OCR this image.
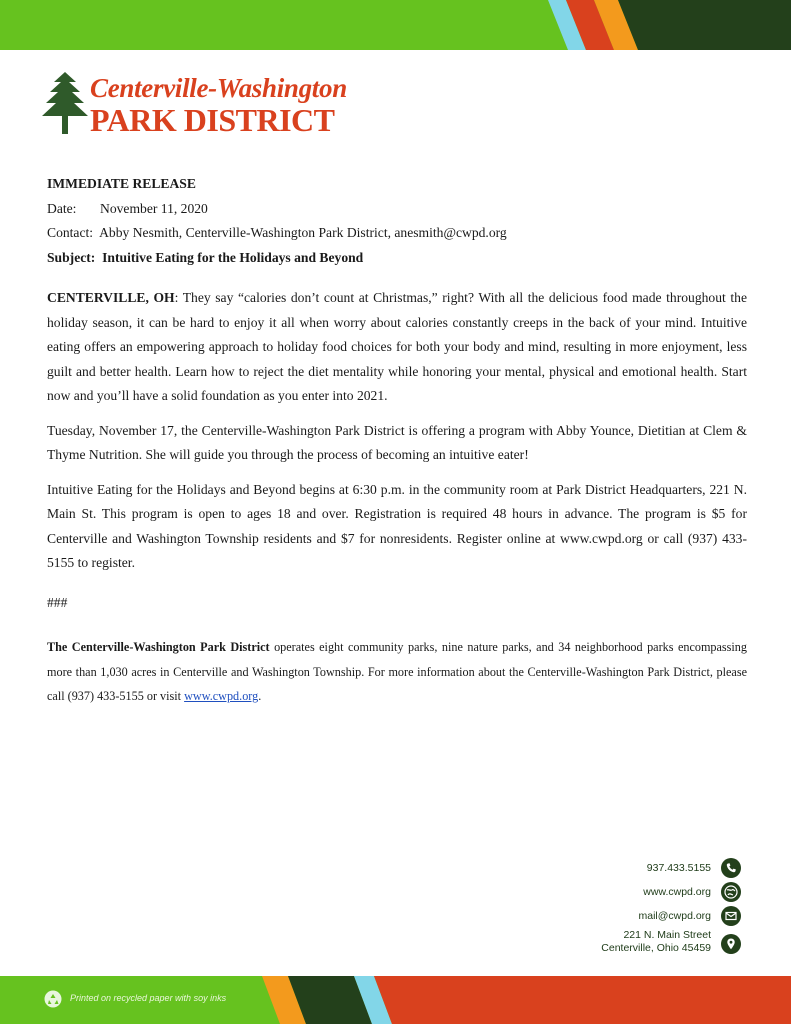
Centerville-Washington

PARK DISTRICT

IMMEDIATE RELEASE

Date: November 11, 2020

Contact: Abby Nesmith, Centerville-Washington Park District, anesmith@cwpd.org

Subject: Intuitive Eating for the Holidays and Beyond

CENTERVILLE, OH: They say “calories don’t count at Christmas,” right? With all the delicious food made throughout the holiday season, it can be hard to enjoy it all when worry about calories constantly creeps in the back of your mind. Intuitive eating offers an empowering approach to holiday food choices for both your body and mind, resulting in more enjoyment, less guilt and better health. Learn how to reject the diet mentality while honoring your mental, physical and emotional health. Start now and you’ll have a solid foundation as you enter into 2021.

Tuesday, November 17, the Centerville-Washington Park District is offering a program with Abby Younce, Dietitian at Clem & Thyme Nutrition. She will guide you through the process of becoming an intuitive eater!

Intuitive Eating for the Holidays and Beyond begins at 6:30 p.m. in the community room at Park District Headquarters, 221 N. Main St. This program is open to ages 18 and over. Registration is required 48 hours in advance. The program is $5 for Centerville and Washington Township residents and $7 for nonresidents. Register online at www.cwpd.org or call (937) 433-5155 to register.

###

The Centerville-Washington Park District operates eight community parks, nine nature parks, and 34 neighborhood parks encompassing more than 1,030 acres in Centerville and Washington Township. For more information about the Centerville-Washington Park District, please call (937) 433-5155 or visit www.cwpd.org.

937.433.5155
www.cwpd.org
mail@cwpd.org
221 N. Main Street
Centerville, Ohio 45459

Printed on recycled paper with soy inks
